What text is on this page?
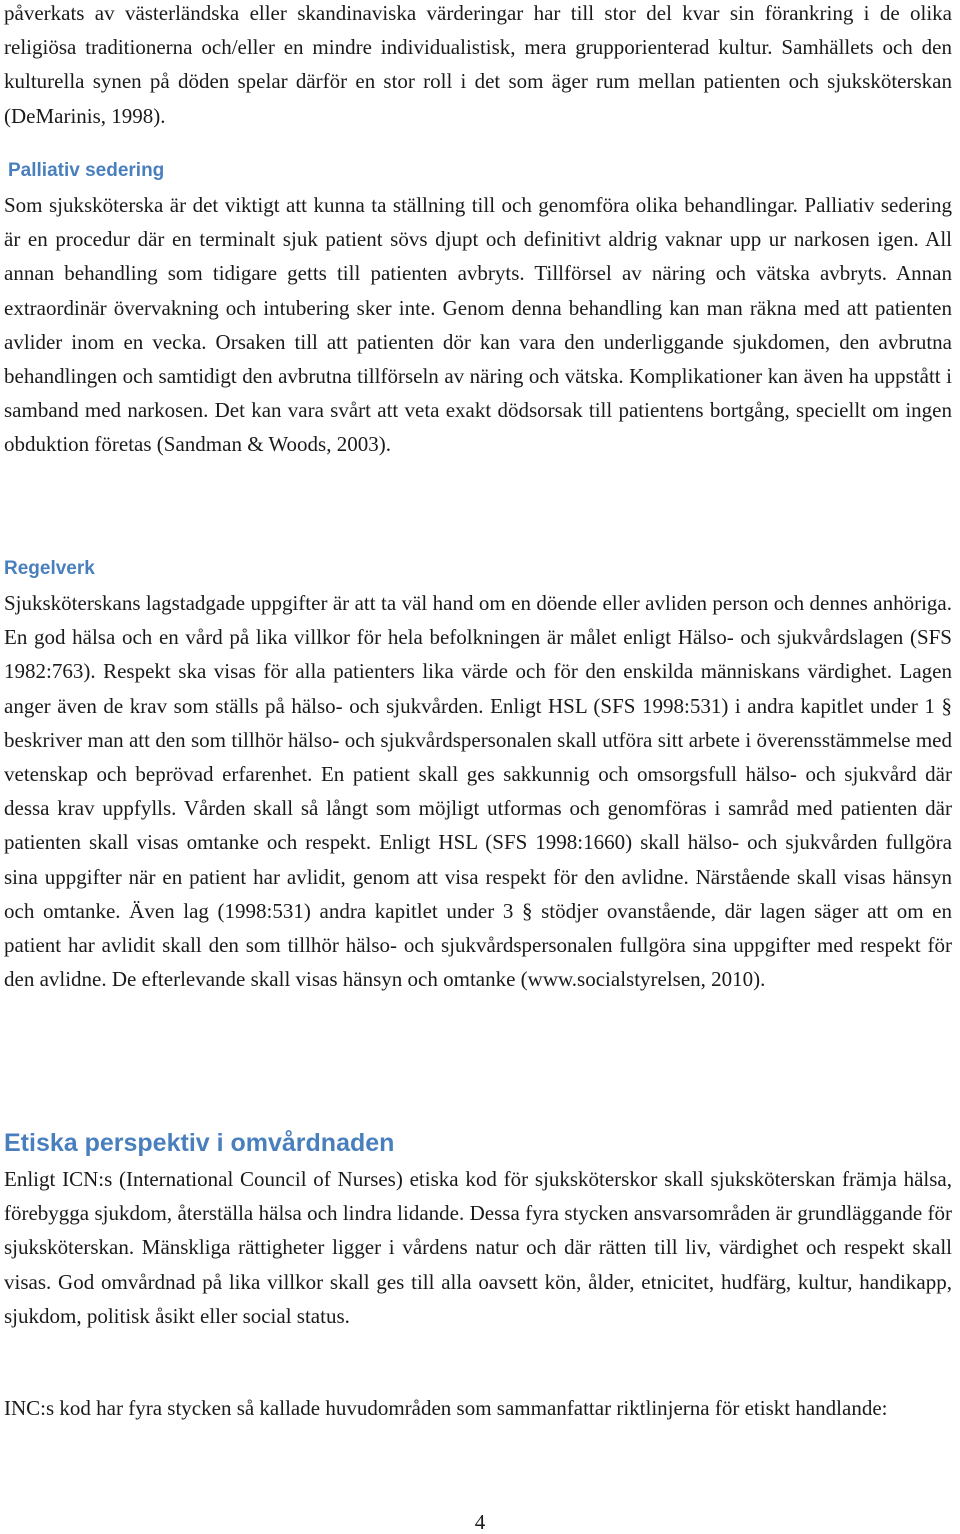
påverkats av västerländska eller skandinaviska värderingar har till stor del kvar sin förankring i de olika religiösa traditionerna och/eller en mindre individualistisk, mera grupporienterad kultur. Samhällets och den kulturella synen på döden spelar därför en stor roll i det som äger rum mellan patienten och sjuksköterskan (DeMarinis, 1998).

Palliativ sedering

Som sjuksköterska är det viktigt att kunna ta ställning till och genomföra olika behandlingar. Palliativ sedering är en procedur där en terminalt sjuk patient sövs djupt och definitivt aldrig vaknar upp ur narkosen igen. All annan behandling som tidigare getts till patienten avbryts. Tillförsel av näring och vätska avbryts. Annan extraordinär övervakning och intubering sker inte. Genom denna behandling kan man räkna med att patienten avlider inom en vecka. Orsaken till att patienten dör kan vara den underliggande sjukdomen, den avbrutna behandlingen och samtidigt den avbrutna tillförseln av näring och vätska. Komplikationer kan även ha uppstått i samband med narkosen. Det kan vara svårt att veta exakt dödsorsak till patientens bortgång, speciellt om ingen obduktion företas (Sandman & Woods, 2003).

Regelverk

Sjuksköterskans lagstadgade uppgifter är att ta väl hand om en döende eller avliden person och dennes anhöriga. En god hälsa och en vård på lika villkor för hela befolkningen är målet enligt Hälso- och sjukvårdslagen (SFS 1982:763). Respekt ska visas för alla patienters lika värde och för den enskilda människans värdighet. Lagen anger även de krav som ställs på hälso- och sjukvården. Enligt HSL (SFS 1998:531) i andra kapitlet under 1 § beskriver man att den som tillhör hälso- och sjukvårdspersonalen skall utföra sitt arbete i överensstämmelse med vetenskap och beprövad erfarenhet. En patient skall ges sakkunnig och omsorgsfull hälso- och sjukvård där dessa krav uppfylls. Vården skall så långt som möjligt utformas och genomföras i samråd med patienten där patienten skall visas omtanke och respekt. Enligt HSL (SFS 1998:1660) skall hälso- och sjukvården fullgöra sina uppgifter när en patient har avlidit, genom att visa respekt för den avlidne. Närstående skall visas hänsyn och omtanke. Även lag (1998:531) andra kapitlet under 3 § stödjer ovanstående, där lagen säger att om en patient har avlidit skall den som tillhör hälso- och sjukvårdspersonalen fullgöra sina uppgifter med respekt för den avlidne. De efterlevande skall visas hänsyn och omtanke (www.socialstyrelsen, 2010).

Etiska perspektiv i omvårdnaden

Enligt ICN:s (International Council of Nurses) etiska kod för sjuksköterskor skall sjuksköterskan främja hälsa, förebygga sjukdom, återställa hälsa och lindra lidande. Dessa fyra stycken ansvarsområden är grundläggande för sjuksköterskan. Mänskliga rättigheter ligger i vårdens natur och där rätten till liv, värdighet och respekt skall visas. God omvårdnad på lika villkor skall ges till alla oavsett kön, ålder, etnicitet, hudfärg, kultur, handikapp, sjukdom, politisk åsikt eller social status.

INC:s kod har fyra stycken så kallade huvudområden som sammanfattar riktlinjerna för etiskt handlande:

4
